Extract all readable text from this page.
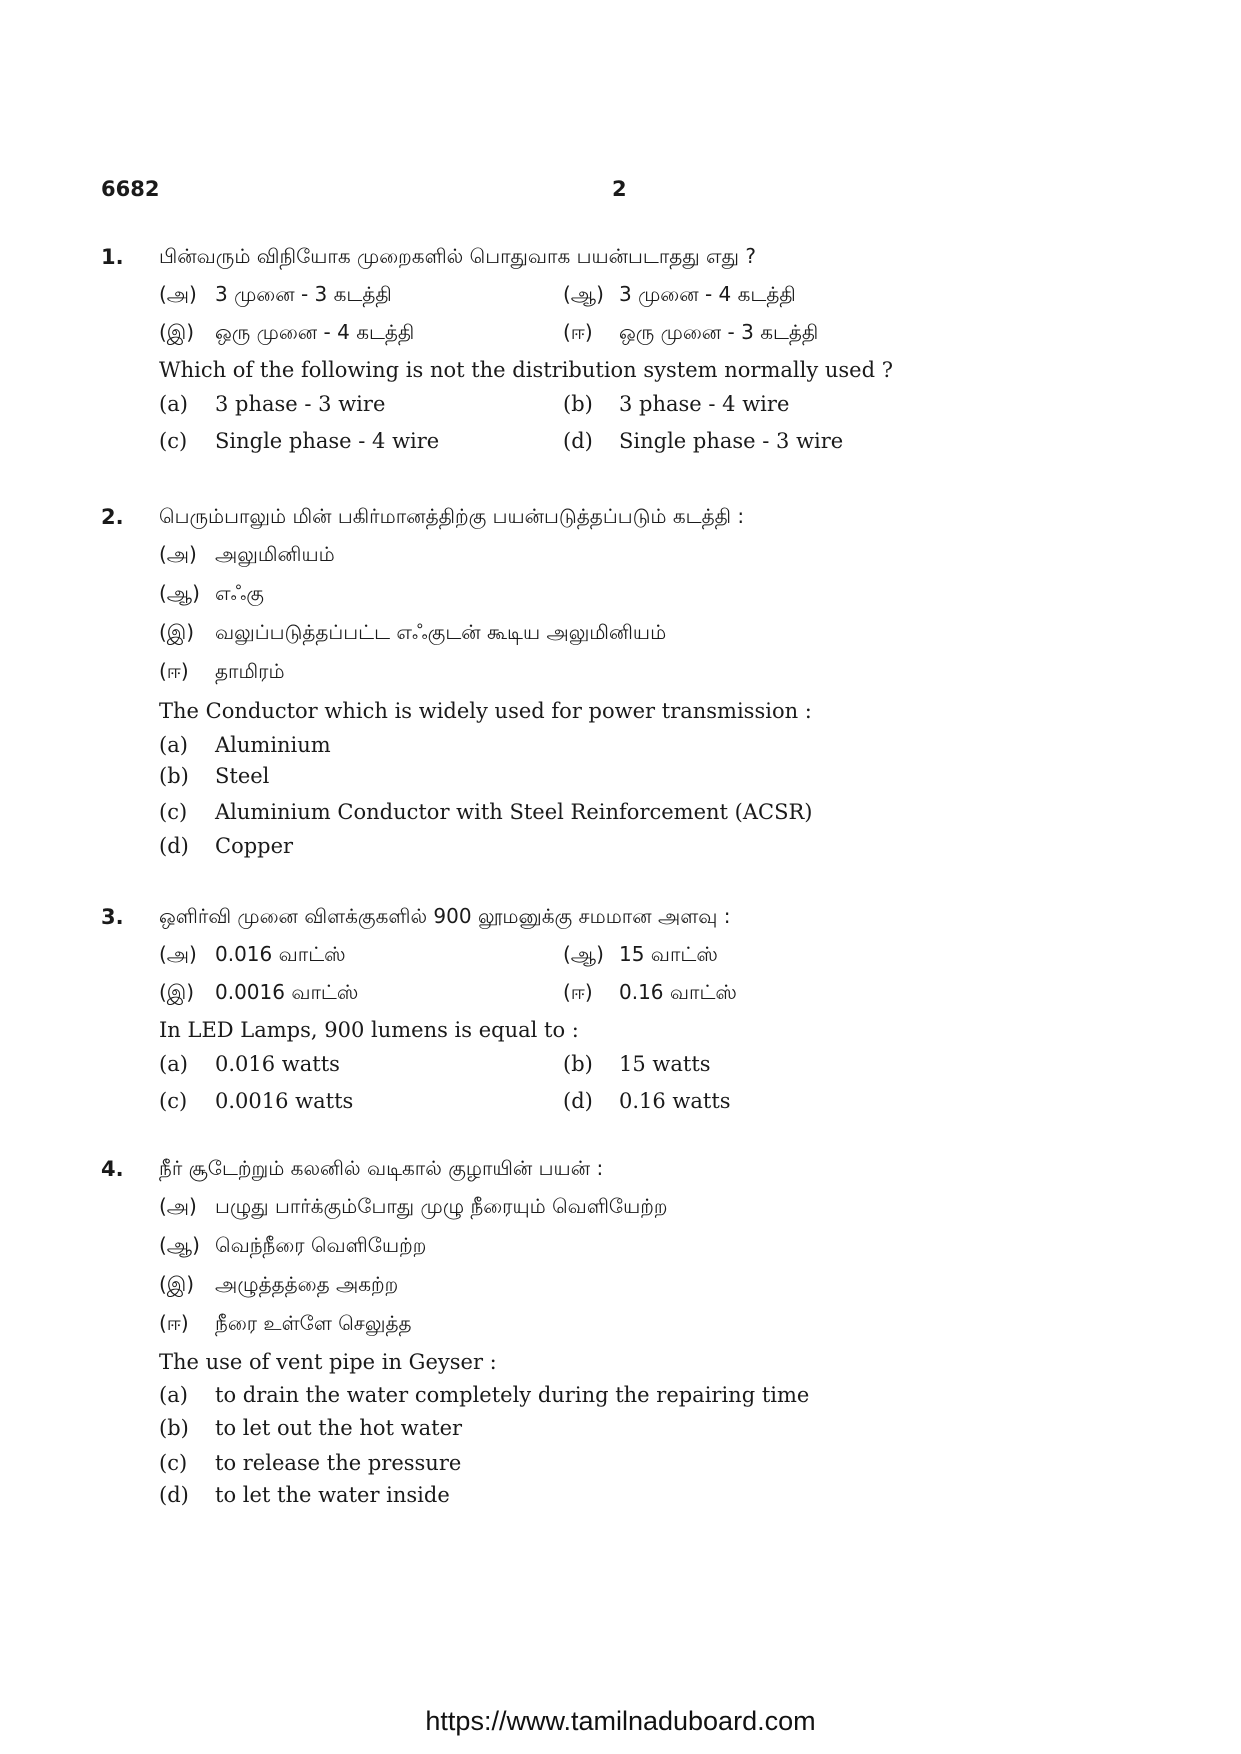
6682	2
1. பின்வரும் விநியோக முறைகளில் பொதுவாக பயன்படாதது எது ?
(அ) 3 முனை - 3 கடத்தி	(ஆ) 3 முனை - 4 கடத்தி
(இ) ஒரு முனை - 4 கடத்தி	(ஈ) ஒரு முனை - 3 கடத்தி
Which of the following is not the distribution system normally used ?
(a) 3 phase - 3 wire	(b) 3 phase - 4 wire
(c) Single phase - 4 wire	(d) Single phase - 3 wire
2. பெரும்பாலும் மின் பகிர்மானத்திற்கு பயன்படுத்தப்படும் கடத்தி :
(அ) அலுமினியம்
(ஆ) எஃகு
(இ) வலுப்படுத்தப்பட்ட எஃகுடன் கூடிய அலுமினியம்
(ஈ) தாமிரம்
The Conductor which is widely used for power transmission :
(a) Aluminium
(b) Steel
(c) Aluminium Conductor with Steel Reinforcement (ACSR)
(d) Copper
3. ஒளிர்வி முனை விளக்குகளில் 900 லூமனுக்கு சமமான அளவு :
(அ) 0.016 வாட்ஸ்	(ஆ) 15 வாட்ஸ்
(இ) 0.0016 வாட்ஸ்	(ஈ) 0.16 வாட்ஸ்
In LED Lamps, 900 lumens is equal to :
(a) 0.016 watts	(b) 15 watts
(c) 0.0016 watts	(d) 0.16 watts
4. நீர் சூடேற்றும் கலனில் வடிகால் குழாயின் பயன் :
(அ) பழுது பார்க்கும்போது முழு நீரையும் வெளியேற்ற
(ஆ) வெந்நீரை வெளியேற்ற
(இ) அழுத்தத்தை அகற்ற
(ஈ) நீரை உள்ளே செலுத்த
The use of vent pipe in Geyser :
(a) to drain the water completely during the repairing time
(b) to let out the hot water
(c) to release the pressure
(d) to let the water inside
https://www.tamilnaduboard.com
